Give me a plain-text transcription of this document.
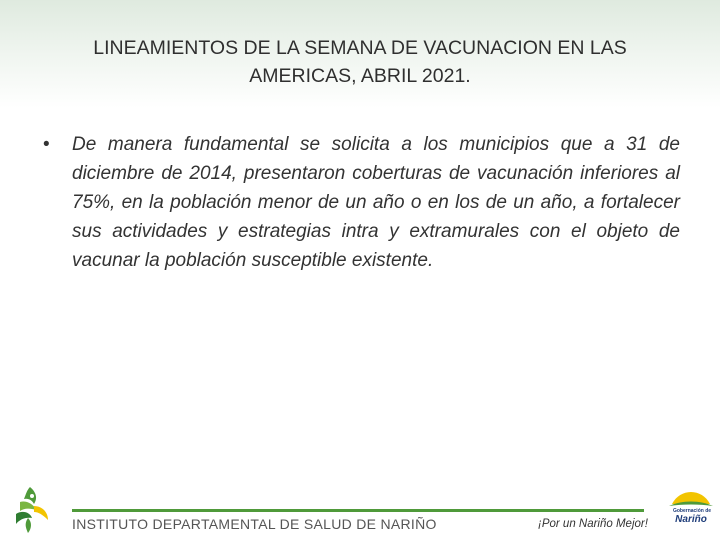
LINEAMIENTOS DE LA SEMANA DE VACUNACION EN LAS AMERICAS, ABRIL 2021.
• De manera fundamental se solicita a los municipios que a 31 de diciembre de 2014, presentaron coberturas de vacunación inferiores al 75%, en la población menor de un año o en los de un año, a fortalecer sus actividades y estrategias intra y extramurales con el objeto de vacunar la población susceptible existente.
INSTITUTO DEPARTAMENTAL DE SALUD DE NARIÑO	¡Por un Nariño Mejor!
Gobernación de
Nariño
